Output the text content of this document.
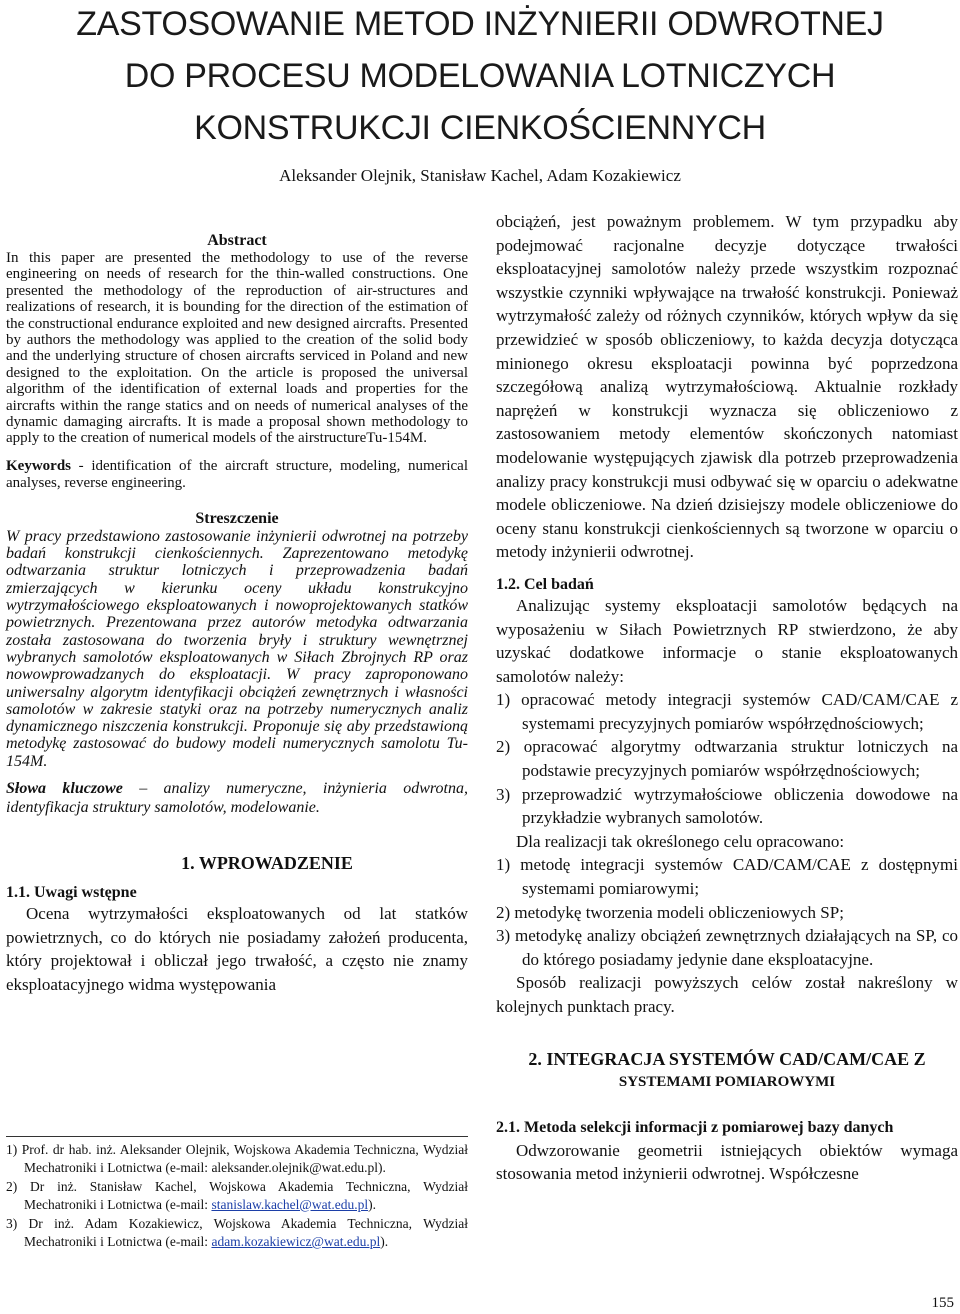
ZASTOSOWANIE METOD INŻYNIERII ODWROTNEJ
DO PROCESU MODELOWANIA LOTNICZYCH
KONSTRUKCJI CIENKOŚCIENNYCH
Aleksander Olejnik, Stanisław Kachel, Adam Kozakiewicz

Abstract

In this paper are presented the methodology to use of the reverse engineering on needs of research for the thin-walled constructions. One presented the methodology of the reproduction of air-structures and realizations of research, it is bounding for the direction of the estimation of the constructional endurance exploited and new designed aircrafts. Presented by authors the methodology was applied to the creation of the solid body and the underlying structure of chosen aircrafts serviced in Poland and new designed to the exploitation. On the article is proposed the universal algorithm of the identification of external loads and properties for the aircrafts within the range statics and on needs of numerical analyses of the dynamic damaging aircrafts. It is made a proposal shown methodology to apply to the creation of numerical models of the airstructureTu-154M.

Keywords - identification of the aircraft structure, modeling, numerical analyses, reverse engineering.

Streszczenie

W pracy przedstawiono zastosowanie inżynierii odwrotnej na potrzeby badań konstrukcji cienkościennych. Zaprezentowano metodykę odtwarzania struktur lotniczych i przeprowadzenia badań zmierzających w kierunku oceny układu konstrukcyjno wytrzymałościowego eksploatowanych i nowoprojektowanych statków powietrznych. Prezentowana przez autorów metodyka odtwarzania została zastosowana do tworzenia bryły i struktury wewnętrznej wybranych samolotów eksploatowanych w Siłach Zbrojnych RP oraz nowowprowadzanych do eksploatacji. W pracy zaproponowano uniwersalny algorytm identyfikacji obciążeń zewnętrznych i własności samolotów w zakresie statyki oraz na potrzeby numerycznych analiz dynamicznego niszczenia konstrukcji. Proponuje się aby przedstawioną metodykę zastosować do budowy modeli numerycznych samolotu Tu-154M.

Słowa kluczowe – analizy numeryczne, inżynieria odwrotna, identyfikacja struktury samolotów, modelowanie.

1. WPROWADZENIE

1.1. Uwagi wstępne

Ocena wytrzymałości eksploatowanych od lat statków powietrznych, co do których nie posiadamy założeń producenta, który projektował i obliczał jego trwałość, a często nie znamy eksploatacyjnego widma występowania

1) Prof. dr hab. inż. Aleksander Olejnik, Wojskowa Akademia Techniczna, Wydział Mechatroniki i Lotnictwa (e-mail: aleksander.olejnik@wat.edu.pl).

2) Dr inż. Stanisław Kachel, Wojskowa Akademia Techniczna, Wydział Mechatroniki i Lotnictwa (e-mail: stanislaw.kachel@wat.edu.pl).

3) Dr inż. Adam Kozakiewicz, Wojskowa Akademia Techniczna, Wydział Mechatroniki i Lotnictwa (e-mail: adam.kozakiewicz@wat.edu.pl).

obciążeń, jest poważnym problemem. W tym przypadku aby podejmować racjonalne decyzje dotyczące trwałości eksploatacyjnej samolotów należy przede wszystkim rozpoznać wszystkie czynniki wpływające na trwałość konstrukcji. Ponieważ wytrzymałość zależy od różnych czynników, których wpływ da się przewidzieć w sposób obliczeniowy, to każda decyzja dotycząca minionego okresu eksploatacji powinna być poprzedzona szczegółową analizą wytrzymałościową. Aktualnie rozkłady naprężeń w konstrukcji wyznacza się obliczeniowo z zastosowaniem metody elementów skończonych natomiast modelowanie występujących zjawisk dla potrzeb przeprowadzenia analizy pracy konstrukcji musi odbywać się w oparciu o adekwatne modele obliczeniowe. Na dzień dzisiejszy modele obliczeniowe do oceny stanu konstrukcji cienkościennych są tworzone w oparciu o metody inżynierii odwrotnej.

1.2. Cel badań

Analizując systemy eksploatacji samolotów będących na wyposażeniu w Siłach Powietrznych RP stwierdzono, że aby uzyskać dodatkowe informacje o stanie eksploatowanych samolotów należy:

1) opracować metody integracji systemów CAD/CAM/CAE z systemami precyzyjnych pomiarów współrzędnościowych;
2) opracować algorytmy odtwarzania struktur lotniczych na podstawie precyzyjnych pomiarów współrzędnościowych;
3) przeprowadzić wytrzymałościowe obliczenia dowodowe na przykładzie wybranych samolotów.

Dla realizacji tak określonego celu opracowano:

1) metodę integracji systemów CAD/CAM/CAE z dostępnymi systemami pomiarowymi;
2) metodykę tworzenia modeli obliczeniowych SP;
3) metodykę analizy obciążeń zewnętrznych działających na SP, co do którego posiadamy jedynie dane eksploatacyjne.

Sposób realizacji powyższych celów został nakreślony w kolejnych punktach pracy.

2. INTEGRACJA SYSTEMÓW CAD/CAM/CAE Z

SYSTEMAMI POMIAROWYMI

2.1. Metoda selekcji informacji z pomiarowej bazy danych

Odwzorowanie geometrii istniejących obiektów wymaga stosowania metod inżynierii odwrotnej. Współczesne

155
